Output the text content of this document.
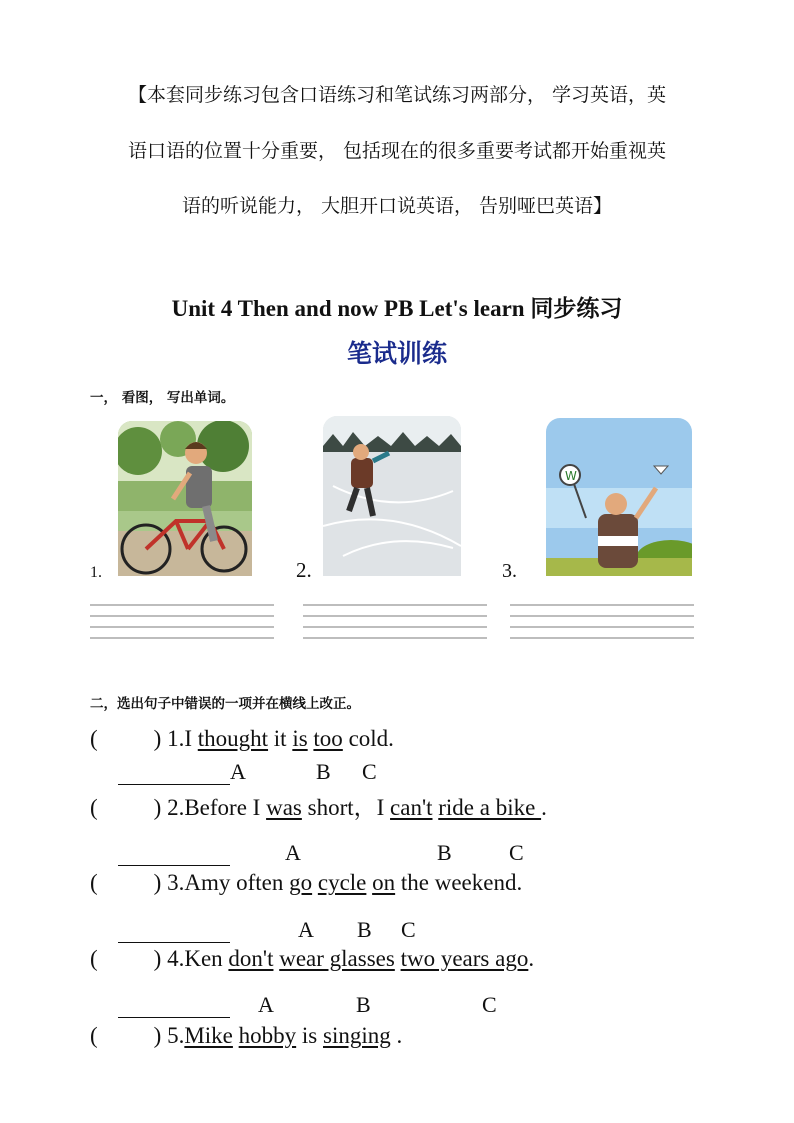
【本套同步练习包含口语练习和笔试练习两部分， 学习英语，英
语口语的位置十分重要， 包括现在的很多重要考试都开始重视英
语的听说能力， 大胆开口说英语， 告别哑巴英语】
Unit 4 Then and now PB Let's learn 同步练习
笔试训练
一， 看图， 写出单词。
1.	2.	3.
W
二，选出句子中错误的一项并在横线上改正。
( ) 1.I thought it is too cold.
A	B C
( ) 2.Before I was short，I can't ride a bike .
A	B	C
( ) 3.Amy often go cycle on the weekend.
A B C
( ) 4.Ken don't wear glasses two years ago.
A	B	C
( ) 5.Mike hobby is singing .
